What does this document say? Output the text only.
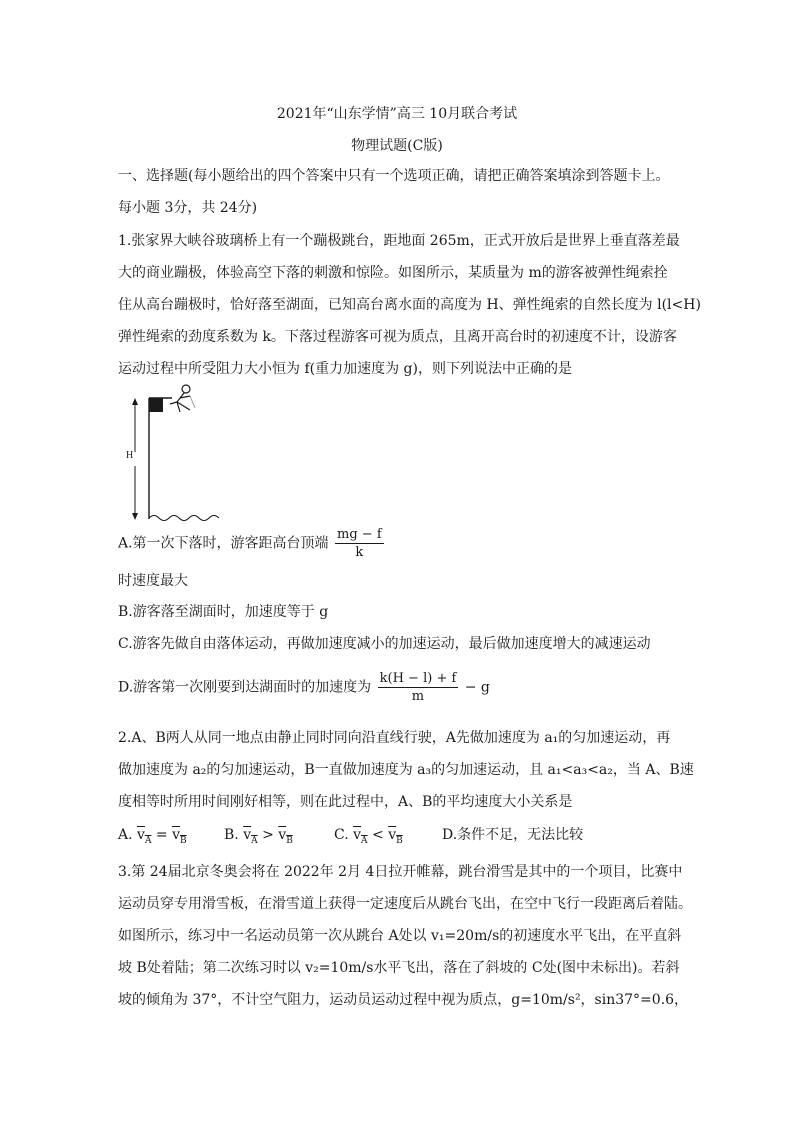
2021年“山东学情”高三 10月联合考试
物理试题(C版)
一、选择题(每小题给出的四个答案中只有一个选项正确，请把正确答案填涂到答题卡上。
每小题 3分，共 24分)
1.张家界大峡谷玻璃桥上有一个蹦极跳台，距地面 265m，正式开放后是世界上垂直落差最
大的商业蹦极，体验高空下落的刺激和惊险。如图所示，某质量为 m的游客被弹性绳索拴
住从高台蹦极时，恰好落至湖面，已知高台离水面的高度为 H、弹性绳索的自然长度为 l(l<H)
弹性绳索的劲度系数为 k。下落过程游客可视为质点，且离开高台时的初速度不计，设游客
运动过程中所受阻力大小恒为 f(重力加速度为 g)，则下列说法中正确的是
H
A.第一次下落时，游客距高台顶端 $\frac{mg - f}{k}$
时速度最大
B.游客落至湖面时，加速度等于 g
C.游客先做自由落体运动，再做加速度减小的加速运动，最后做加速度增大的减速运动
D.游客第一次刚要到达湖面时的加速度为 $\frac{k(H - l) + f}{m} - g$
2.A、B两人从同一地点由静止同时同向沿直线行驶，A先做加速度为 a₁的匀加速运动，再
做加速度为 a₂的匀加速运动，B一直做加速度为 a₃的匀加速运动，且 a₁<a₃<a₂，当 A、B速
度相等时所用时间刚好相等，则在此过程中，A、B的平均速度大小关系是
A. $v_A = v_B$	B. $v_A > v_B$	C. $v_A < v_B$	D.条件不足，无法比较
3.第 24届北京冬奥会将在 2022年 2月 4日拉开帷幕，跳台滑雪是其中的一个项目，比赛中
运动员穿专用滑雪板，在滑雪道上获得一定速度后从跳台飞出，在空中飞行一段距离后着陆。
如图所示，练习中一名运动员第一次从跳台 A处以 v₁=20m/s的初速度水平飞出，在平直斜
坡 B处着陆；第二次练习时以 v₂=10m/s水平飞出，落在了斜坡的 C处(图中未标出)。若斜
坡的倾角为 37°，不计空气阻力，运动员运动过程中视为质点，g=10m/s²，sin37°=0.6，
